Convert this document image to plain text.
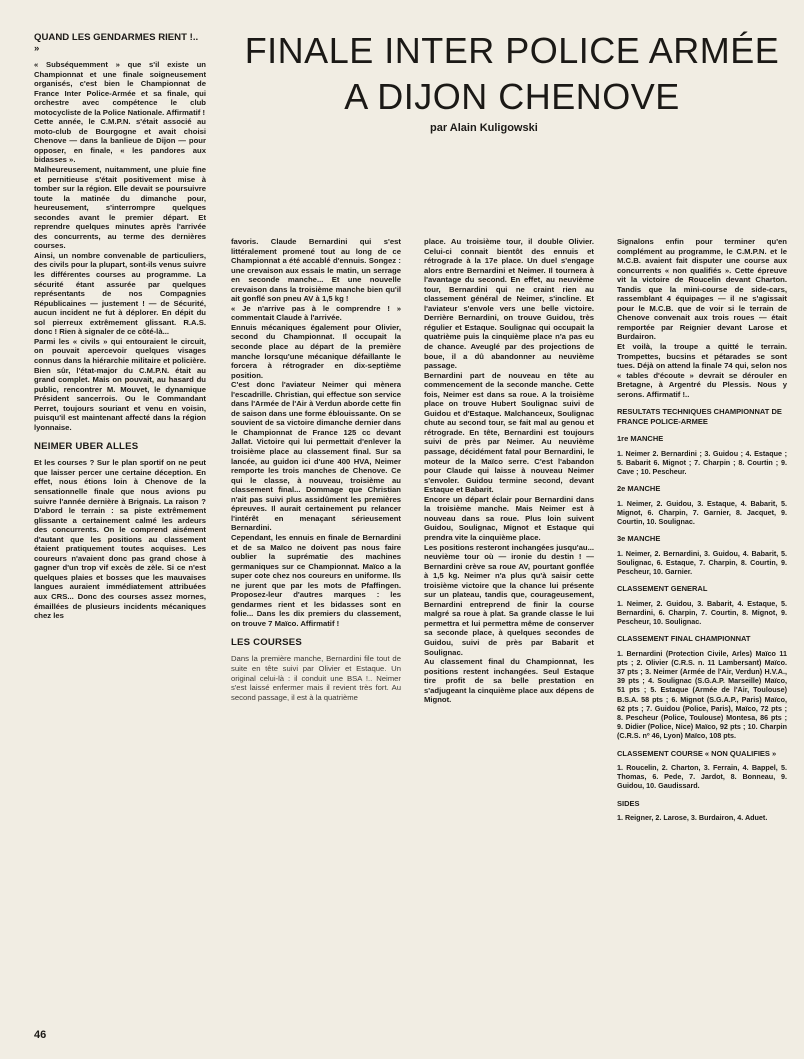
FINALE INTER POLICE ARMÉE
A DIJON CHENOVE
par Alain Kuligowski
QUAND LES GENDARMES RIENT !.. »

« Subséquemment » que s'il existe un Championnat et une finale soigneusement organisés, c'est bien le Championnat de France Inter Police-Armée et sa finale, qui orchestre avec compétence le club motocycliste de la Police Nationale. Affirmatif !

Cette année, le C.M.P.N. s'était associé au moto-club de Bourgogne et avait choisi Chenove — dans la banlieue de Dijon — pour opposer, en finale, « les pandores aux bidasses ».

Malheureusement, nuitamment, une pluie fine et pernitieuse s'était positivement mise à tomber sur la région. Elle devait se poursuivre toute la matinée du dimanche pour, heureusement, s'interrompre quelques secondes avant le premier départ. Et reprendre quelques minutes après l'arrivée des concurrents, au terme des dernières courses.

Ainsi, un nombre convenable de particuliers, des civils pour la plupart, sont-ils venus suivre les différentes courses au programme. La sécurité étant assurée par quelques représentants de nos Compagnies Républicaines — justement ! — de Sécurité, aucun incident ne fut à déplorer. En dépit du sol pierreux extrêmement glissant. R.A.S. donc ! Rien à signaler de ce côté-là...

Parmi les « civils » qui entouraient le circuit, on pouvait apercevoir quelques visages connus dans la hiérarchie militaire et policière. Bien sûr, l'état-major du C.M.P.N. était au grand complet. Mais on pouvait, au hasard du public, rencontrer M. Mouvet, le dynamique Président sancerrois. Ou le Commandant Perret, toujours souriant et venu en voisin, puisqu'il est maintenant affecté dans la région lyonnaise.

NEIMER UBER ALLES

Et les courses ? Sur le plan sportif on ne peut que laisser percer une certaine déception. En effet, nous étions loin à Chenove de la sensationnelle finale que nous avions pu suivre l'année dernière à Brignais. La raison ? D'abord le terrain : sa piste extrêmement glissante a certainement calmé les ardeurs des concurrents. On le comprend aisément d'autant que les positions au classement étaient pratiquement toutes acquises. Les coureurs n'avaient donc pas grand chose à gagner d'un trop vif excès de zèle. Si ce n'est quelques plaies et bosses que les mauvaises langues auraient immédiatement attribuées aux CRS... Donc des courses assez mornes, émaillées de plusieurs incidents mécaniques chez les

favoris. Claude Bernardini qui s'est littéralement promené tout au long de ce Championnat a été accablé d'ennuis. Songez : une crevaison aux essais le matin, un serrage en seconde manche... Et une nouvelle crevaison dans la troisième manche bien qu'il ait gonflé son pneu AV à 1,5 kg !

« Je n'arrive pas à le comprendre ! » commentait Claude à l'arrivée.

Ennuis mécaniques également pour Olivier, second du Championnat. Il occupait la seconde place au départ de la première manche lorsqu'une mécanique défaillante le forcera à rétrograder en dix-septième position.

C'est donc l'aviateur Neimer qui mènera l'escadrille. Christian, qui effectue son service dans l'Armée de l'Air à Verdun aborde cette fin de saison dans une forme éblouissante. On se souvient de sa victoire dimanche dernier dans le Championnat de France 125 cc devant Jallat. Victoire qui lui permettait d'enlever la troisième place au classement final. Sur sa lancée, au guidon ici d'une 400 HVA, Neimer remporte les trois manches de Chenove. Ce qui le classe, à nouveau, troisième au classement final... Dommage que Christian n'ait pas suivi plus assidûment les premières épreuves. Il aurait certainement pu relancer l'intérêt en menaçant sérieusement Bernardini.

Cependant, les ennuis en finale de Bernardini et de sa Maïco ne doivent pas nous faire oublier la suprématie des machines germaniques sur ce Championnat. Maïco a la super cote chez nos coureurs en uniforme. Ils ne jurent que par les mots de Pfaffingen. Proposez-leur d'autres marques : les gendarmes rient et les bidasses sont en folie... Dans les dix premiers du classement, on trouve 7 Maïco. Affirmatif !

LES COURSES

Dans la première manche, Bernardini file tout de suite en tête suivi par Olivier et Estaque. Un original celui-là : il conduit une BSA !.. Neimer s'est laissé enfermer mais il revient très fort. Au second passage, il est à la quatrième

place. Au troisième tour, il double Olivier. Celui-ci connait bientôt des ennuis et rétrograde à la 17e place. Un duel s'engage alors entre Bernardini et Neimer. Il tournera à l'avantage du second. En effet, au neuvième tour, Bernardini qui ne craint rien au classement général de Neimer, s'incline. Et l'aviateur s'envole vers une belle victoire. Derrière Bernardini, on trouve Guidou, très régulier et Estaque. Soulignac qui occupait la quatrième puis la cinquième place n'a pas eu de chance. Aveuglé par des projections de boue, il a dû abandonner au neuvième passage.

Bernardini part de nouveau en tête au commencement de la seconde manche. Cette fois, Neimer est dans sa roue. A la troisième place on trouve Hubert Soulignac suivi de Guidou et d'Estaque. Malchanceux, Soulignac chute au second tour, se fait mal au genou et rétrograde. En tête, Bernardini est toujours suivi de près par Neimer. Au neuvième passage, décidément fatal pour Bernardini, le moteur de la Maïco serre. C'est l'abandon pour Claude qui laisse à nouveau Neimer s'envoler. Guidou termine second, devant Estaque et Babarit.

Encore un départ éclair pour Bernardini dans la troisième manche. Mais Neimer est à nouveau dans sa roue. Plus loin suivent Guidou, Soulignac, Mignot et Estaque qui prendra vite la cinquième place.

Les positions resteront inchangées jusqu'au... neuvième tour où — ironie du destin ! — Bernardini crève sa roue AV, pourtant gonflée à 1,5 kg. Neimer n'a plus qu'à saisir cette troisième victoire que la chance lui présente sur un plateau, tandis que, courageusement, Bernardini entreprend de finir la course malgré sa roue à plat. Sa grande classe le lui permettra et lui permettra même de conserver sa seconde place, à quelques secondes de Guidou, suivi de près par Babarit et Soulignac.

Au classement final du Championnat, les positions restent inchangées. Seul Estaque tire profit de sa belle prestation en s'adjugeant la cinquième place aux dépens de Mignot.

Signalons enfin pour terminer qu'en complément au programme, le C.M.P.N. et le M.C.B. avaient fait disputer une course aux concurrents « non qualifiés ». Cette épreuve vit la victoire de Roucelin devant Charton. Tandis que la mini-course de side-cars, rassemblant 4 équipages — il ne s'agissait pour le M.C.B. que de voir si le terrain de Chenove convenait aux trois roues — était remportée par Reignier devant Larose et Burdairon.

Et voilà, la troupe a quitté le terrain. Trompettes, bucsins et pétarades se sont tues. Déjà on attend la finale 74 qui, selon nos « tables d'écoute » devrait se dérouler en Bretagne, à Argentré du Plessis. Nous y serons. Affirmatif !..

RESULTATS TECHNIQUES CHAMPIONNAT DE FRANCE POLICE-ARMEE
1re MANCHE

1. Neimer 2. Bernardini ; 3. Guidou ; 4. Estaque ; 5. Babarit 6. Mignot ; 7. Charpin ; 8. Courtin ; 9. Cave ; 10. Pescheur.

2e MANCHE

1. Neimer, 2. Guidou, 3. Estaque, 4. Babarit, 5. Mignot, 6. Charpin, 7. Garnier, 8. Jacquet, 9. Courtin, 10. Soulignac.

3e MANCHE

1. Neimer, 2. Bernardini, 3. Guidou, 4. Babarit, 5. Soulignac, 6. Estaque, 7. Charpin, 8. Courtin, 9. Pescheur, 10. Garnier.

CLASSEMENT GENERAL

1. Neimer, 2. Guidou, 3. Babarit, 4. Estaque, 5. Bernardini, 6. Charpin, 7. Courtin, 8. Mignot, 9. Pescheur, 10. Soulignac.

CLASSEMENT FINAL CHAMPIONNAT

1. Bernardini (Protection Civile, Arles) Maïco 11 pts ; 2. Olivier (C.R.S. n. 11 Lambersant) Maïco. 37 pts ; 3. Neimer (Armée de l'Air, Verdun) H.V.A., 39 pts ; 4. Soulignac (S.G.A.P. Marseille) Maïco, 51 pts ; 5. Estaque (Armée de l'Air, Toulouse) B.S.A. 58 pts ; 6. Mignot (S.G.A.P., Paris) Maïco, 62 pts ; 7. Guidou (Police, Paris), Maïco, 72 pts ; 8. Pescheur (Police, Toulouse) Montesa, 86 pts ; 9. Didier (Police, Nice) Maïco, 92 pts ; 10. Charpin (C.R.S. nº 46, Lyon) Maïco, 108 pts.

CLASSEMENT COURSE « NON QUALIFIES »

1. Roucelin, 2. Charton, 3. Ferrain, 4. Bappel, 5. Thomas, 6. Pede, 7. Jardot, 8. Bonneau, 9. Guidou, 10. Gaudissard.

SIDES

1. Reigner, 2. Larose, 3. Burdairon, 4. Aduet.

46
